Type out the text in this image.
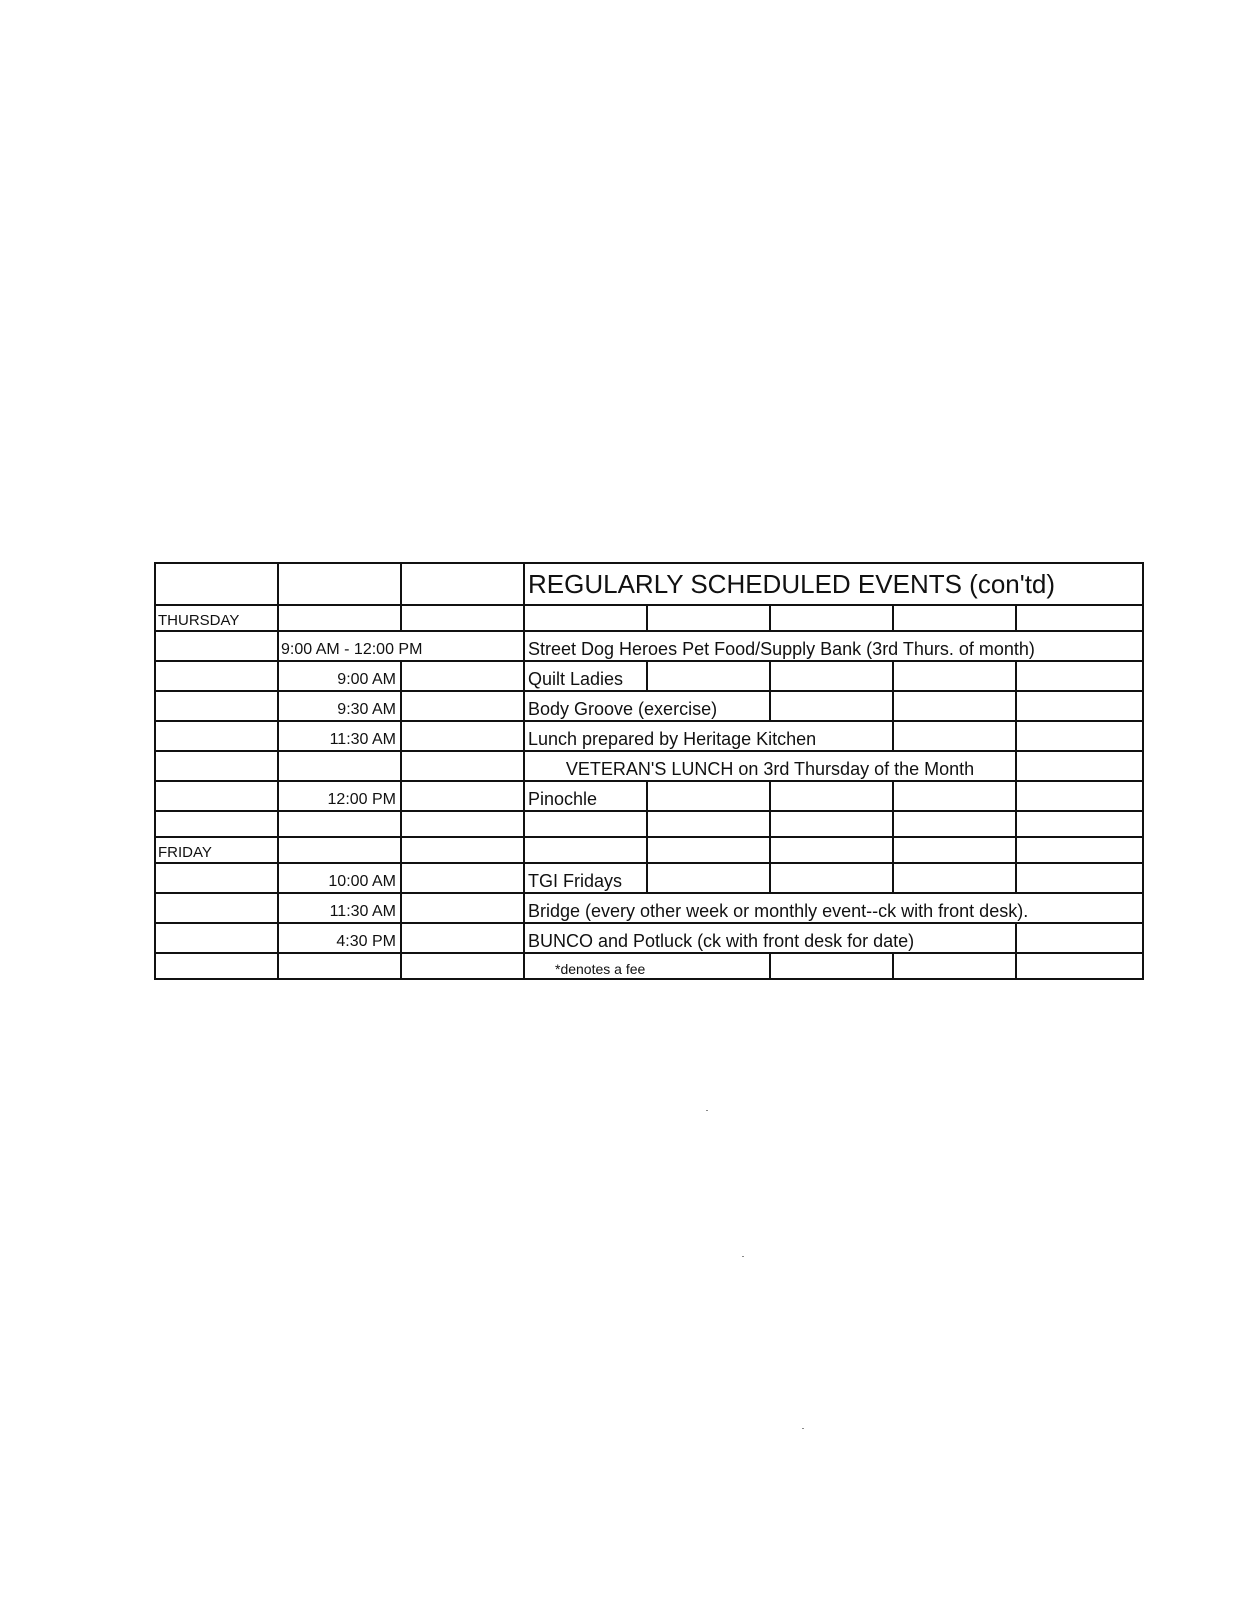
			REGULARLY SCHEDULED EVENTS (con'td)				
THURSDAY							
	9:00 AM - 12:00 PM		Street Dog Heroes Pet Food/Supply Bank (3rd Thurs. of month)				
	9:00 AM		Quilt Ladies				
	9:30 AM		Body Groove (exercise)				
	11:30 AM		Lunch prepared by Heritage Kitchen				
			VETERAN'S LUNCH on 3rd Thursday of the Month				
	12:00 PM		Pinochle				

FRIDAY							
	10:00 AM		TGI Fridays				
	11:30 AM		Bridge (every other week or monthly event--ck with front desk).				
	4:30 PM		BUNCO and Potluck (ck with front desk for date)				
			*denotes a fee				
